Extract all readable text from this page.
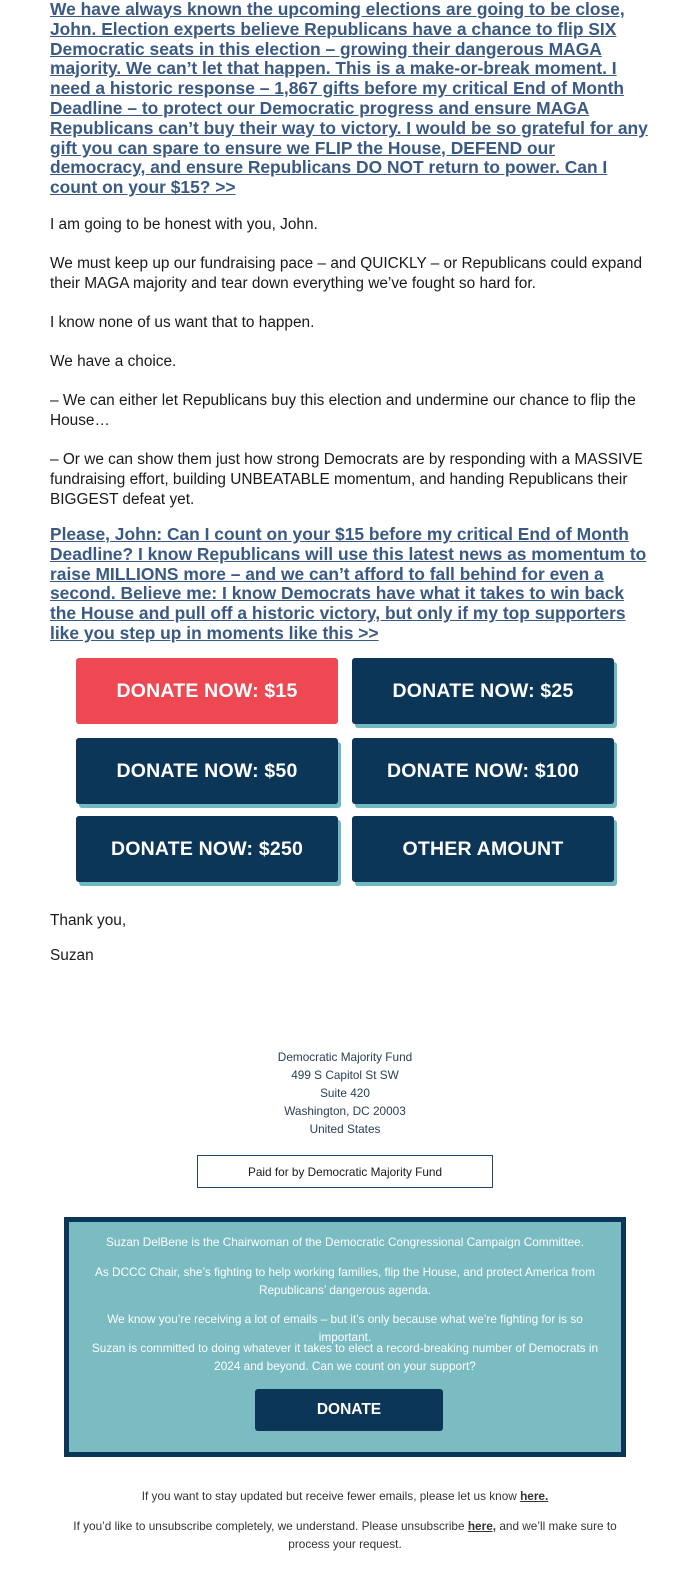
We have always known the upcoming elections are going to be close, John. Election experts believe Republicans have a chance to flip SIX Democratic seats in this election – growing their dangerous MAGA majority. We can’t let that happen. This is a make-or-break moment. I need a historic response – 1,867 gifts before my critical End of Month Deadline – to protect our Democratic progress and ensure MAGA Republicans can’t buy their way to victory. I would be so grateful for any gift you can spare to ensure we FLIP the House, DEFEND our democracy, and ensure Republicans DO NOT return to power. Can I count on your $15? >>

I am going to be honest with you, John.

We must keep up our fundraising pace – and QUICKLY – or Republicans could expand their MAGA majority and tear down everything we’ve fought so hard for.

I know none of us want that to happen.

We have a choice.

– We can either let Republicans buy this election and undermine our chance to flip the House…

– Or we can show them just how strong Democrats are by responding with a MASSIVE fundraising effort, building UNBEATABLE momentum, and handing Republicans their BIGGEST defeat yet.

Please, John: Can I count on your $15 before my critical End of Month Deadline? I know Republicans will use this latest news as momentum to raise MILLIONS more – and we can’t afford to fall behind for even a second. Believe me: I know Democrats have what it takes to win back the House and pull off a historic victory, but only if my top supporters like you step up in moments like this >>
DONATE NOW: $15	DONATE NOW: $25
DONATE NOW: $50	DONATE NOW: $100
DONATE NOW: $250	OTHER AMOUNT

Thank you,

Suzan

Democratic Majority Fund
499 S Capitol St SW
Suite 420
Washington, DC 20003
United States
Paid for by Democratic Majority Fund

Suzan DelBene is the Chairwoman of the Democratic Congressional Campaign Committee.

As DCCC Chair, she’s fighting to help working families, flip the House, and protect America from Republicans’ dangerous agenda.

We know you’re receiving a lot of emails – but it’s only because what we’re fighting for is so important.

Suzan is committed to doing whatever it takes to elect a record-breaking number of Democrats in 2024 and beyond. Can we count on your support?

DONATE
If you want to stay updated but receive fewer emails, please let us know here.
If you’d like to unsubscribe completely, we understand. Please unsubscribe here, and we’ll make sure to process your request.
